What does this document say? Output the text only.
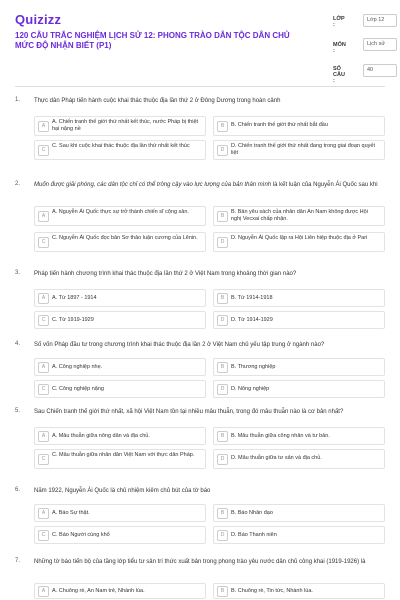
Quizizz
120 CÂU TRẮC NGHIỆM LỊCH SỬ 12: PHONG TRÀO DÂN TỘC DÂN CHỦ MỨC ĐỘ NHẬN BIẾT (P1)
LỚP :
Lớp 12
MÔN :
Lịch sử
SỐ CÂU :
40
1. Thực dân Pháp tiến hành cuộc khai thác thuộc địa lần thứ 2 ở Đông Dương trong hoàn cảnh
A
A. Chiến tranh thế giới thứ nhất kết thúc, nước Pháp bị thiệt hại nặng nề	B	B. Chiến tranh thế giới thứ nhất bắt đầu
C
C. Sau khi cuộc khai thác thuộc địa lần thứ nhất kết thúc
D
D. Chiến tranh thế giới thứ nhất đang trong giai đoạn quyết liệt
2. Muốn được giải phóng, các dân tộc chỉ có thể trông cậy vào lực lượng của bản thân mình là kết luận của Nguyễn Ái Quốc sau khi
A
A. Nguyễn Ái Quốc thực sự trở thành chiến sĩ cộng sản.
B
B. Bản yêu sách của nhân dân An Nam không được Hội nghị Vecxai chấp nhận.
C
C. Nguyễn Ái Quốc đọc bản Sơ thảo luận cương của Lênin.
D
D. Nguyễn Ái Quốc lập ra Hội Liên hiệp thuộc địa ở Pari
3. Pháp tiến hành chương trình khai thác thuộc địa lần thứ 2 ở Việt Nam trong khoảng thời gian nào?
A	A. Từ 1897 - 1914	B	B. Từ 1914-1918
C	C. Từ 1919-1929	D	D. Từ 1914-1929
4. Số vốn Pháp đầu tư trong chương trình khai thác thuộc địa lần 2 ở Việt Nam chủ yếu tập trung ở ngành nào?
A	A. Công nghiệp nhẹ.	B	B. Thương nghiệp
C	C. Công nghiệp nặng	D	D. Nông nghiệp
5. Sau Chiến tranh thế giới thứ nhất, xã hội Việt Nam tồn tại nhiều mâu thuẫn, trong đó mâu thuẫn nào là cơ bản nhất?
A	A. Mâu thuẫn giữa nông dân và địa chủ.	B	B. Mâu thuẫn giữa công nhân và tư bản.
C
C. Mâu thuẫn giữa nhân dân Việt Nam với thực dân Pháp.
D	D. Mâu thuẫn giữa tư sản và địa chủ.
6. Năm 1922, Nguyễn Ái Quốc là chủ nhiệm kiêm chủ bút của tờ báo
A	A. Báo Sự thật.	B	B. Báo Nhân đạo
C	C. Báo Người cùng khổ	D	D. Báo Thanh niên
7. Những tờ báo tiến bộ của tầng lớp tiểu tư sản trí thức xuất bản trong phong trào yêu nước dân chủ công khai (1919-1926) là
A	A. Chuông rè, An Nam trẻ, Nhành lúa.	B	B. Chuông rè, Tin tức, Nhành lúa.
